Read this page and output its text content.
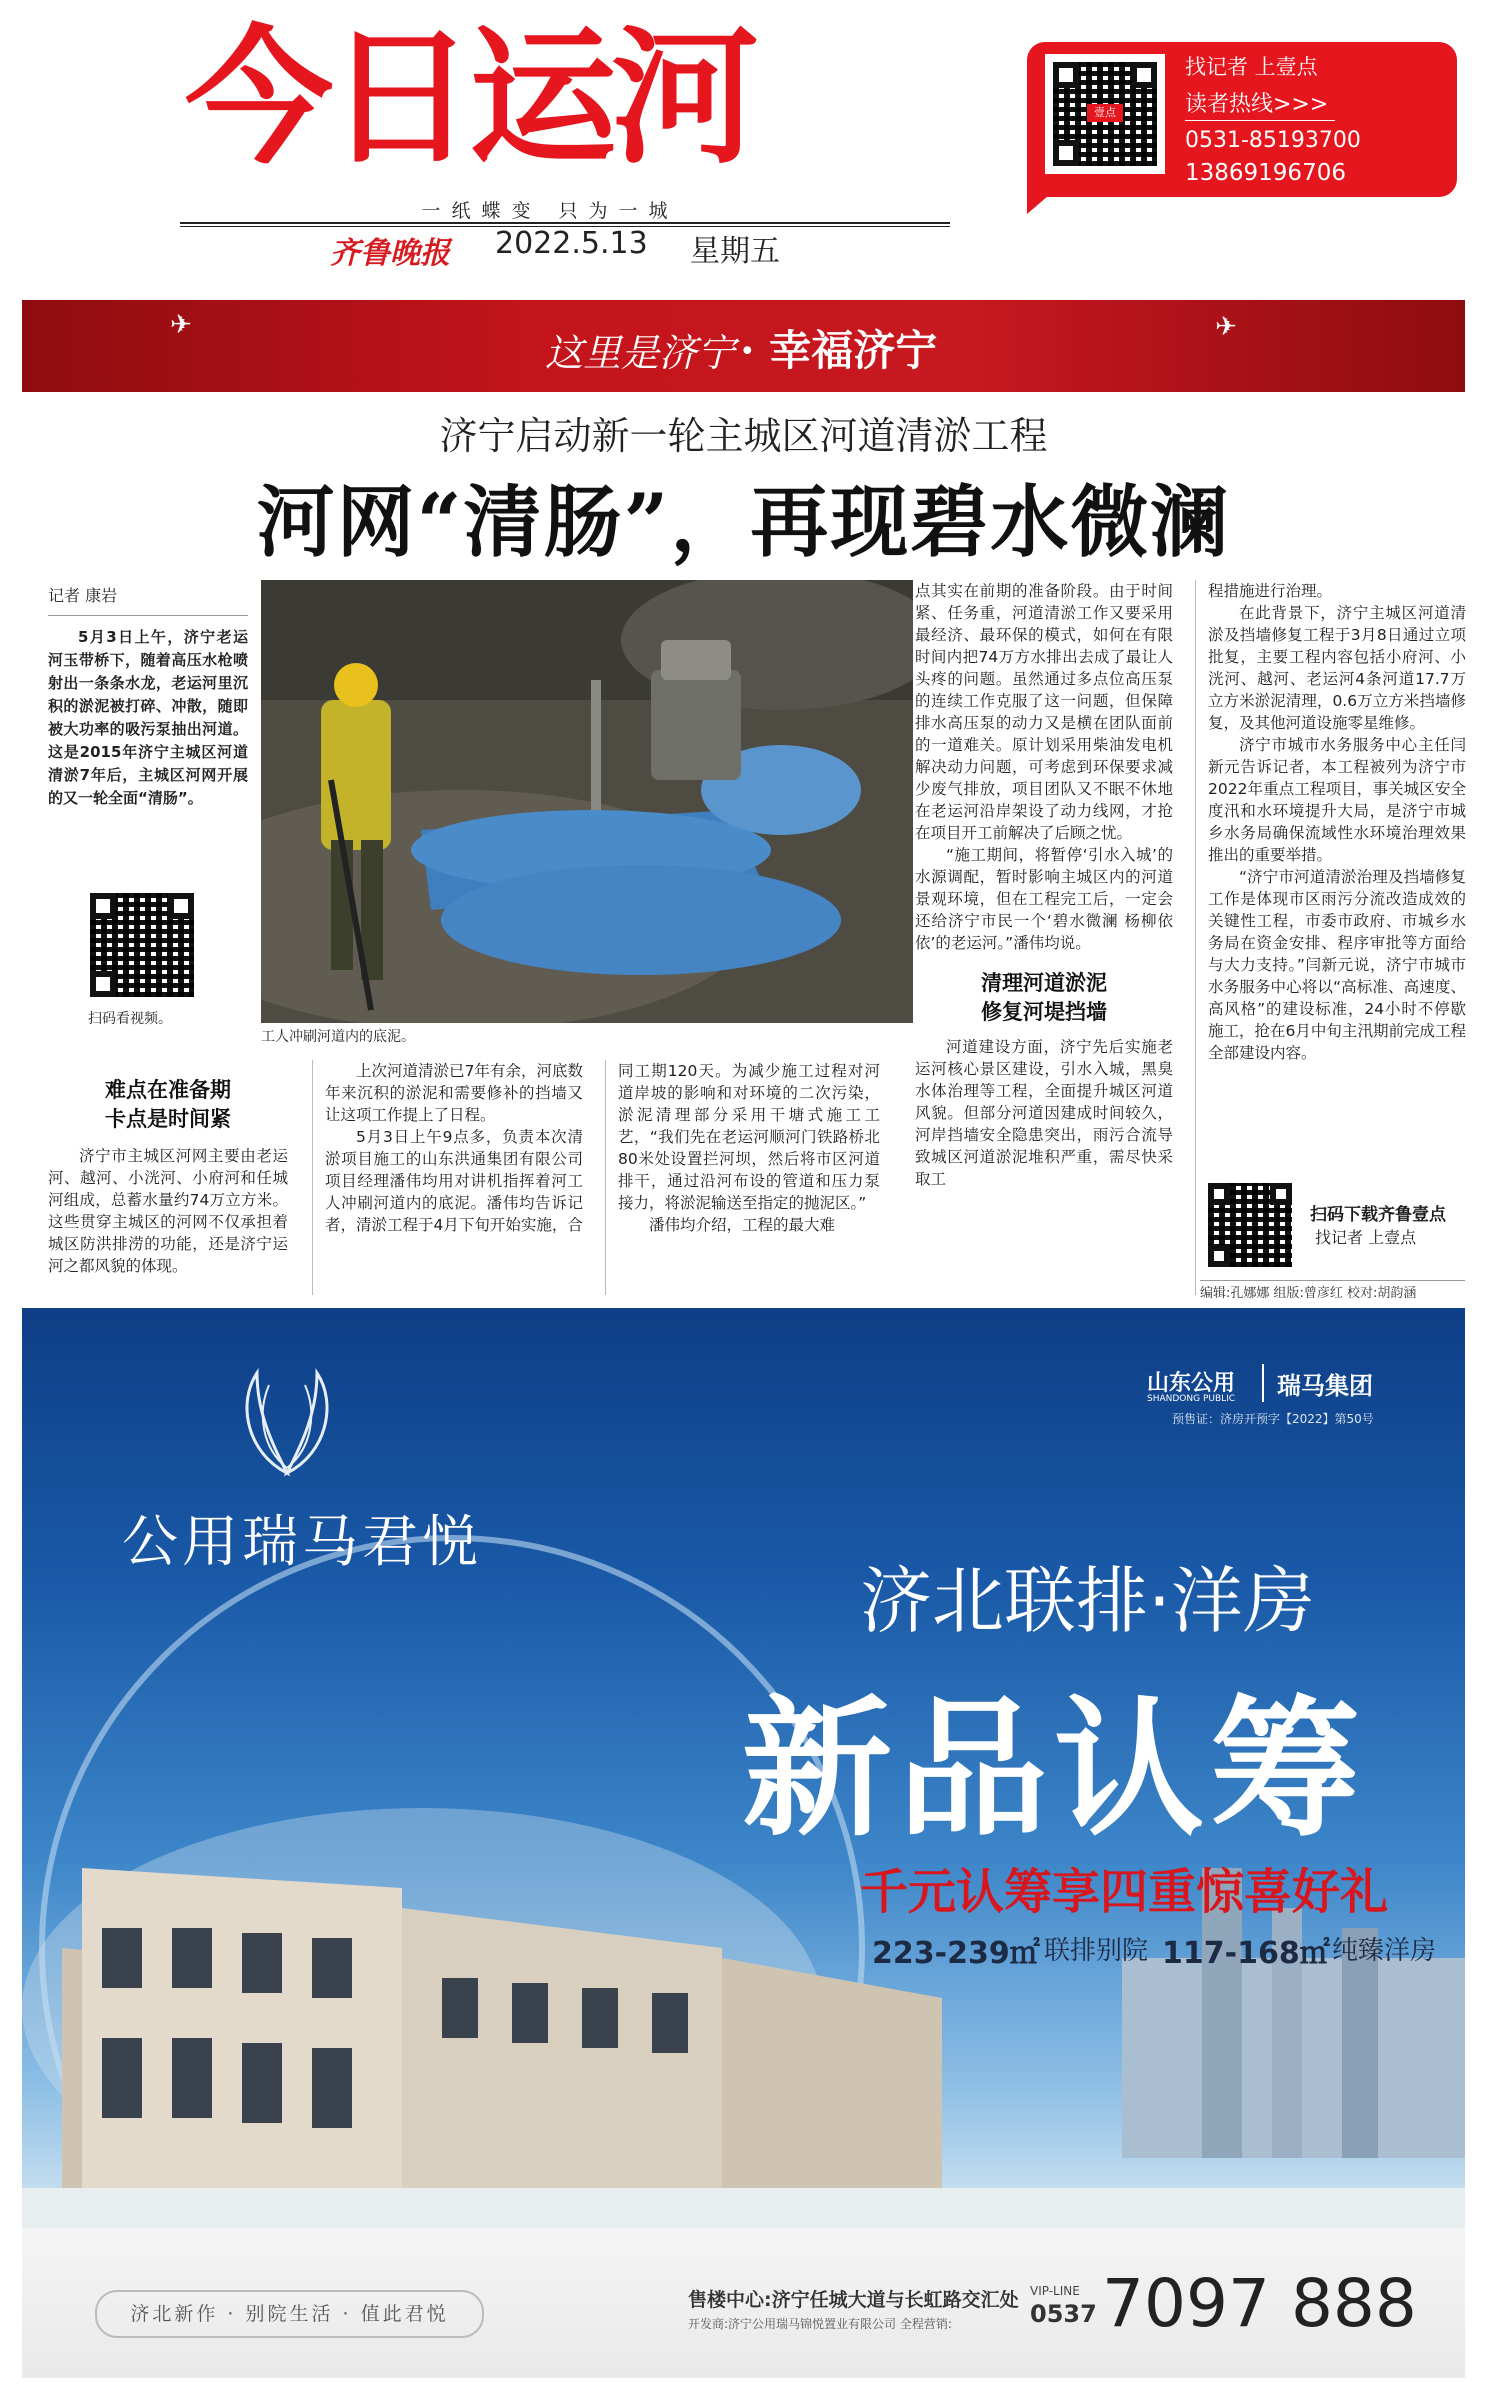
今日运河
一纸蝶变 只为一城
齐鲁晚报 2022.5.13 星期五
壹点
找记者 上壹点
读者热线>>>
0531-85193700
13869196706
✈	✈
这里是济宁 · 幸福济宁
济宁启动新一轮主城区河道清淤工程
河网“清肠”，再现碧水微澜
记者 康岩

5月3日上午，济宁老运河玉带桥下，随着高压水枪喷射出一条条水龙，老运河里沉积的淤泥被打碎、冲散，随即被大功率的吸污泵抽出河道。这是2015年济宁主城区河道清淤7年后，主城区河网开展的又一轮全面“清肠”。

扫码看视频。
工人冲刷河道内的底泥。

点其实在前期的准备阶段。由于时间紧、任务重，河道清淤工作又要采用最经济、最环保的模式，如何在有限时间内把74万方水排出去成了最让人头疼的问题。虽然通过多点位高压泵的连续工作克服了这一问题，但保障排水高压泵的动力又是横在团队面前的一道难关。原计划采用柴油发电机解决动力问题，可考虑到环保要求减少废气排放，项目团队又不眠不休地在老运河沿岸架设了动力线网，才抢在项目开工前解决了后顾之忧。

“施工期间，将暂停‘引水入城’的水源调配，暂时影响主城区内的河道景观环境，但在工程完工后，一定会还给济宁市民一个‘碧水微澜 杨柳依依’的老运河。”潘伟均说。

清理河道淤泥
修复河堤挡墙

河道建设方面，济宁先后实施老运河核心景区建设，引水入城，黑臭水体治理等工程，全面提升城区河道风貌。但部分河道因建成时间较久，河岸挡墙安全隐患突出，雨污合流导致城区河道淤泥堆积严重，需尽快采取工

程措施进行治理。

在此背景下，济宁主城区河道清淤及挡墙修复工程于3月8日通过立项批复，主要工程内容包括小府河、小洸河、越河、老运河4条河道17.7万立方米淤泥清理，0.6万立方米挡墙修复，及其他河道设施零星维修。

济宁市城市水务服务中心主任闫新元告诉记者，本工程被列为济宁市2022年重点工程项目，事关城区安全度汛和水环境提升大局，是济宁市城乡水务局确保流域性水环境治理效果推出的重要举措。

“济宁市河道清淤治理及挡墙修复工作是体现市区雨污分流改造成效的关键性工程，市委市政府、市城乡水务局在资金安排、程序审批等方面给与大力支持。”闫新元说，济宁市城市水务服务中心将以“高标准、高速度、高风格”的建设标准，24小时不停歇施工，抢在6月中旬主汛期前完成工程全部建设内容。

难点在准备期
卡点是时间紧

济宁市主城区河网主要由老运河、越河、小洸河、小府河和任城河组成，总蓄水量约74万立方米。这些贯穿主城区的河网不仅承担着城区防洪排涝的功能，还是济宁运河之都风貌的体现。

上次河道清淤已7年有余，河底数年来沉积的淤泥和需要修补的挡墙又让这项工作提上了日程。

5月3日上午9点多，负责本次清淤项目施工的山东洪通集团有限公司项目经理潘伟均用对讲机指挥着河工人冲刷河道内的底泥。潘伟均告诉记者，清淤工程于4月下旬开始实施，合

同工期120天。为减少施工过程对河道岸坡的影响和对环境的二次污染，淤泥清理部分采用干塘式施工工艺，“我们先在老运河顺河门铁路桥北80米处设置拦河坝，然后将市区河道排干，通过沿河布设的管道和压力泵接力，将淤泥输送至指定的抛泥区。”

潘伟均介绍，工程的最大难	扫码下载齐鲁壹点
找记者 上壹点
编辑:孔娜娜 组版:曾彦红 校对:胡韵涵
公用瑞马君悦
山东公用
SHANDONG PUBLIC 瑞马集团
预售证：济房开预字【2022】第50号
济北联排·洋房
新品认筹
千元认筹享四重惊喜好礼
223-239㎡ 联排别院 117-168㎡ 纯臻洋房
济北新作 · 别院生活 · 值此君悦
售楼中心:济宁任城大道与长虹路交汇处
开发商:济宁公用瑞马锦悦置业有限公司 全程营销:
VIP-LINE
0537 7097 888
